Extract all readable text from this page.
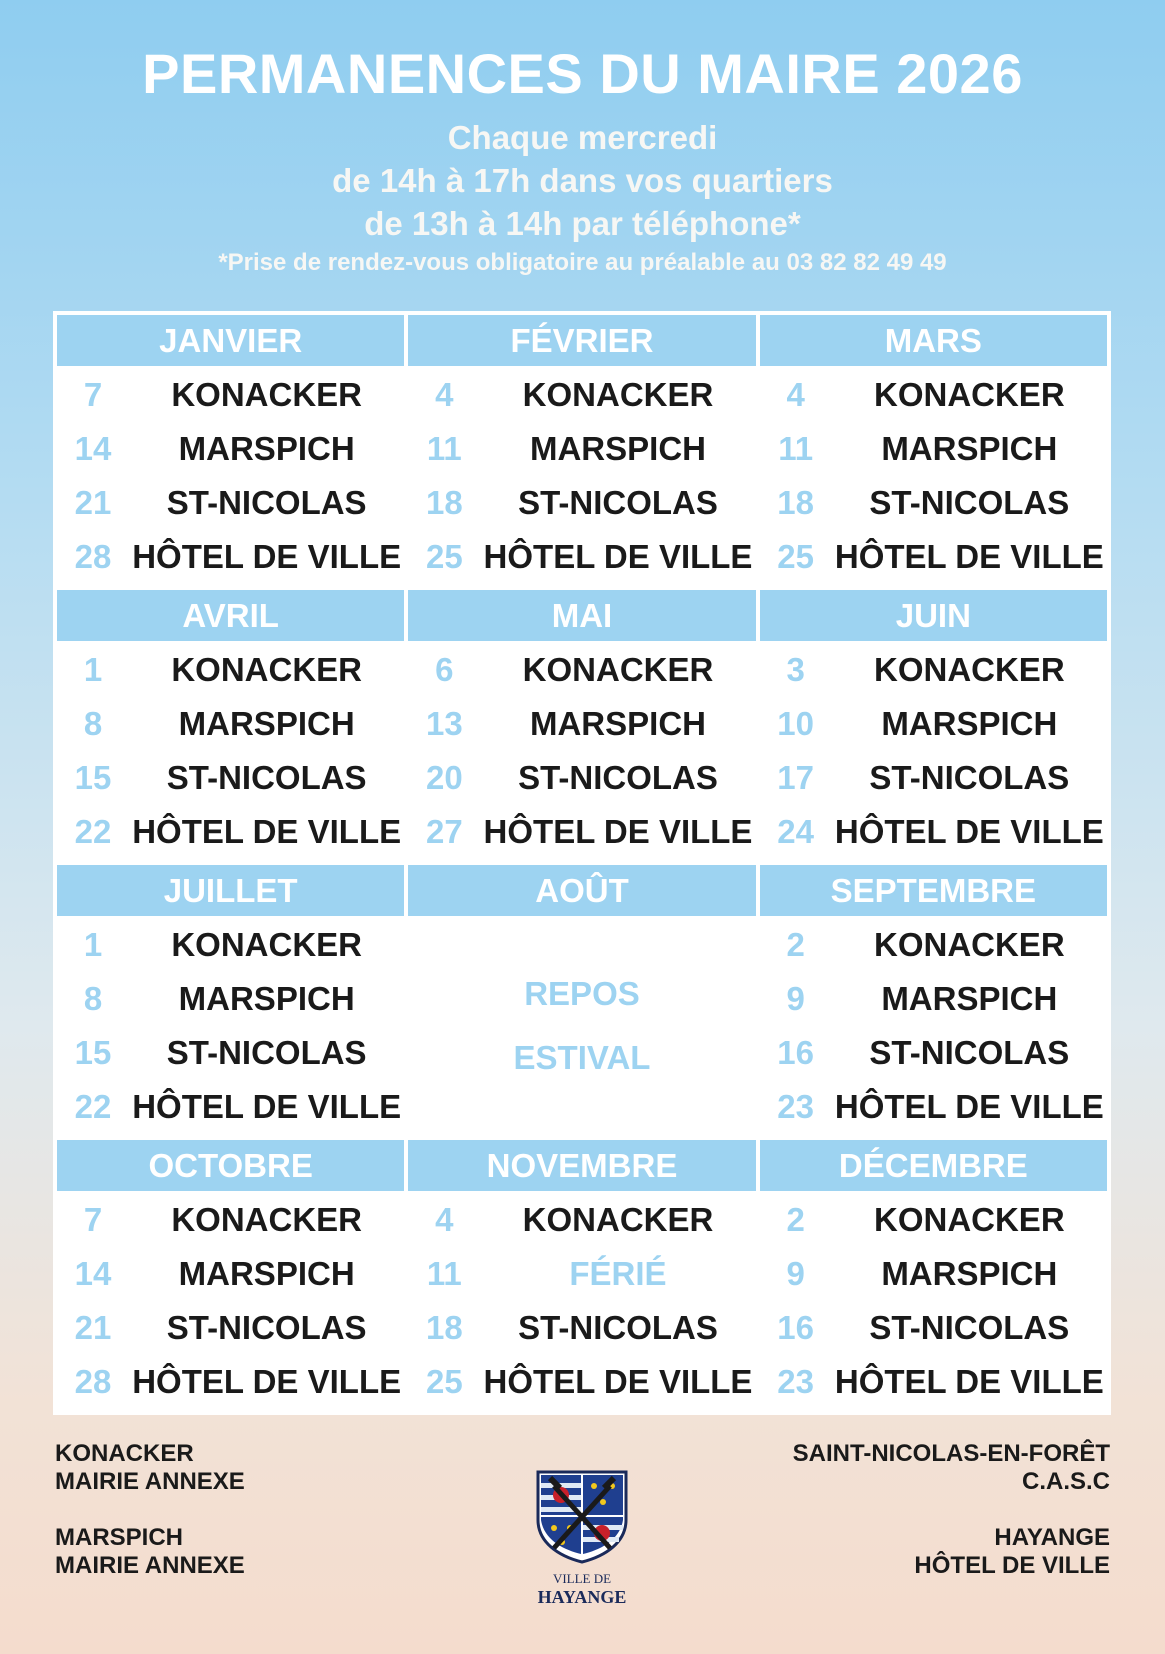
PERMANENCES DU MAIRE 2026
Chaque mercredi
de 14h à 17h dans vos quartiers
de 13h à 14h par téléphone*
*Prise de rendez-vous obligatoire au préalable au 03 82 82 49 49
JANVIER
7	KONACKER
14	MARSPICH
21	ST-NICOLAS
28 HÔTEL DE VILLE
FÉVRIER
4	KONACKER
11	MARSPICH
18	ST-NICOLAS
25 HÔTEL DE VILLE
MARS
4	KONACKER
11	MARSPICH
18	ST-NICOLAS
25 HÔTEL DE VILLE
AVRIL
1	KONACKER
8	MARSPICH
15	ST-NICOLAS
22 HÔTEL DE VILLE
MAI
6	KONACKER
13	MARSPICH
20	ST-NICOLAS
27 HÔTEL DE VILLE
JUIN
3	KONACKER
10	MARSPICH
17	ST-NICOLAS
24 HÔTEL DE VILLE
JUILLET
1	KONACKER
8	MARSPICH
15	ST-NICOLAS
22 HÔTEL DE VILLE
AOÛT
REPOS
ESTIVAL
SEPTEMBRE
2	KONACKER
9	MARSPICH
16	ST-NICOLAS
23 HÔTEL DE VILLE
OCTOBRE
7	KONACKER
14	MARSPICH
21	ST-NICOLAS
28 HÔTEL DE VILLE
NOVEMBRE
4	KONACKER
11	FÉRIÉ
18	ST-NICOLAS
25 HÔTEL DE VILLE
DÉCEMBRE
2	KONACKER
9	MARSPICH
16	ST-NICOLAS
23 HÔTEL DE VILLE
KONACKER
MAIRIE ANNEXE
MARSPICH
MAIRIE ANNEXE
SAINT-NICOLAS-EN-FORÊT
C.A.S.C
HAYANGE
HÔTEL DE VILLE
VILLE DE
HAYANGE
